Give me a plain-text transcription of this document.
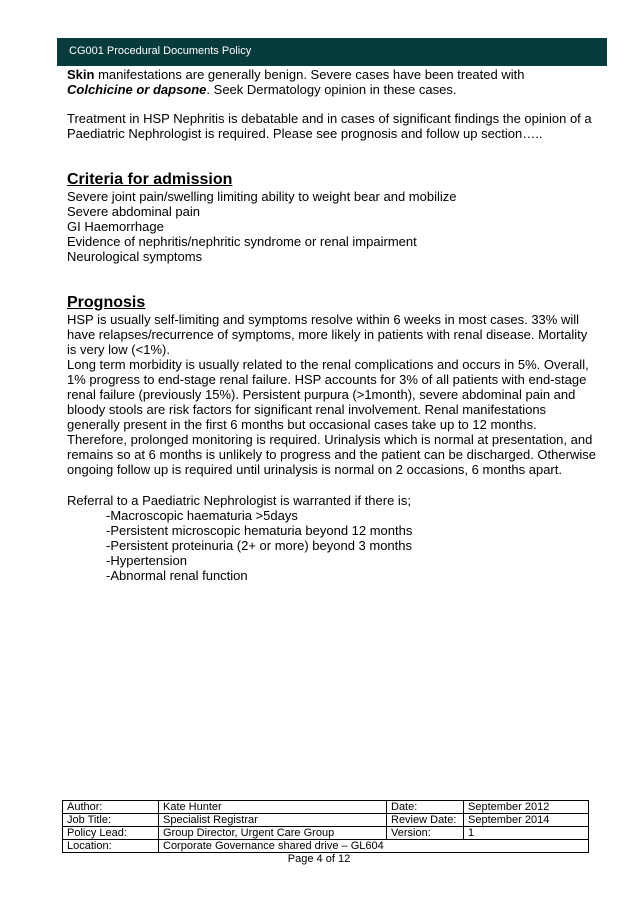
CG001 Procedural Documents Policy

Skin manifestations are generally benign. Severe cases have been treated with
Colchicine or dapsone. Seek Dermatology opinion in these cases.

Treatment in HSP Nephritis is debatable and in cases of significant findings the opinion of a Paediatric Nephrologist is required. Please see prognosis and follow up section…..

Criteria for admission
Severe joint pain/swelling limiting ability to weight bear and mobilize
Severe abdominal pain
GI Haemorrhage
Evidence of nephritis/nephritic syndrome or renal impairment
Neurological symptoms
Prognosis

HSP is usually self-limiting and symptoms resolve within 6 weeks in most cases. 33% will have relapses/recurrence of symptoms, more likely in patients with renal disease. Mortality is very low (<1%).

Long term morbidity is usually related to the renal complications and occurs in 5%. Overall, 1% progress to end-stage renal failure. HSP accounts for 3% of all patients with end-stage renal failure (previously 15%). Persistent purpura (>1month), severe abdominal pain and bloody stools are risk factors for significant renal involvement. Renal manifestations generally present in the first 6 months but occasional cases take up to 12 months. Therefore, prolonged monitoring is required. Urinalysis which is normal at presentation, and remains so at 6 months is unlikely to progress and the patient can be discharged. Otherwise ongoing follow up is required until urinalysis is normal on 2 occasions, 6 months apart.

Referral to a Paediatric Nephrologist is warranted if there is;

-Macroscopic haematuria >5days
-Persistent microscopic hematuria beyond 12 months
-Persistent proteinuria (2+ or more) beyond 3 months
-Hypertension
-Abnormal renal function
Author:	Kate Hunter	Date:	September 2012
Job Title:	Specialist Registrar	Review Date:	September 2014
Policy Lead:	Group Director, Urgent Care Group	Version:	1
Location:	Corporate Governance shared drive – GL604		
Page 4 of 12
